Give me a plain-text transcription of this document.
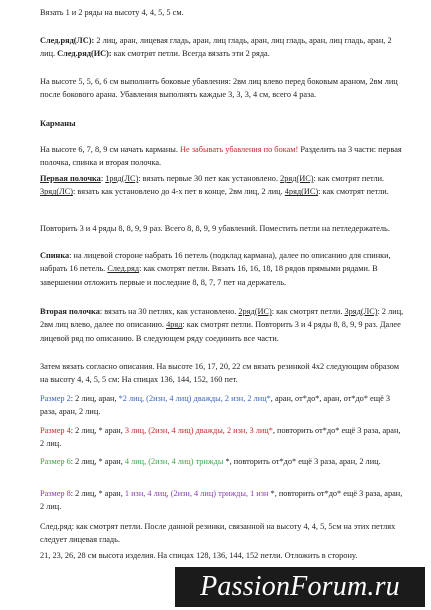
Вязать 1 и 2 ряды на высоту 4, 4, 5, 5 см.

След.ряд(ЛС): 2 лиц, аран, лицевая гладь, аран, лиц гладь, аран, лиц гладь, аран, лиц гладь, аран, 2 лиц. След.ряд(ИС): как смотрят петли. Всегда вязать эти 2 ряда.

На высоте 5, 5, 6, 6 см выполнить боковые убавления: 2вм лиц влево перед боковым араном, 2вм лиц после бокового арана. Убавления выполнять каждые 3, 3, 3, 4 см, всего 4 раза.

Карманы

На высоте 6, 7, 8, 9 см начать карманы. Не забывать убавления по бокам! Разделить на 3 части: первая полочка, спинка и вторая полочка.

Первая полочка: 1ряд(ЛС): вязать первые 30 пет как установлено. 2ряд(ИС): как смотрят петли. 3ряд(ЛС): вязать как установлено до 4-х пет в конце, 2вм лиц, 2 лиц. 4ряд(ИС): как смотрят петли.

Повторить 3 и 4 ряды 8, 8, 9, 9 раз. Всего 8, 8, 9, 9 убавлений. Поместить петли на петледержатель.

Спинка: на лицевой стороне набрать 16 петель (подклад кармана), далее по описанию для спинки, набрать 16 петель. След.ряд: как смотрят петли. Вязать 16, 16, 18, 18 рядов прямыми рядами. В завершении отложить первые и последние 8, 8, 7, 7 пет на держатель.

Вторая полочка: вязать на 30 петлях, как установлено. 2ряд(ИС): как смотрят петли. 3ряд(ЛС): 2 лиц, 2вм лиц влево, далее по описанию. 4ряд: как смотрят петли. Повторить 3 и 4 ряды 8, 8, 9, 9 раз. Далее лицевой ряд по описанию. В следующем ряду соединить все части.

Затем вязать согласно описания. На высоте 16, 17, 20, 22 см вязать резинкой 4х2 следующим образом на высоту 4, 4, 5, 5 см: На спицах 136, 144, 152, 160 пет.

Размер 2: 2 лиц, аран, *2 лиц, (2изн, 4 лиц) дважды, 2 изн, 2 лиц*, аран, от*до*, аран, от*до* ещё 3 раза, аран, 2 лиц.

Размер 4: 2 лиц, * аран, 3 лиц, (2изн, 4 лиц) дважды, 2 изн, 3 лиц*, повторить от*до* ещё 3 раза, аран, 2 лиц.

Размер 6: 2 лиц, * аран, 4 лиц, (2изн, 4 лиц) трижды *, повторить от*до* ещё 3 раза, аран, 2 лиц.

Размер 8: 2 лиц, * аран, 1 изн, 4 лиц, (2изн, 4 лиц) трижды, 1 изн *, повторить от*до* ещё 3 раза, аран, 2 лиц.

След.ряд: как смотрят петли. После данной резинки, связанной на высоту 4, 4, 5, 5см на этих петлях следует лицевая гладь.

21, 23, 26, 28 см высота изделия. На спицах 128, 136, 144, 152 петли. Отложить в сторону.

PassionForum.ru
